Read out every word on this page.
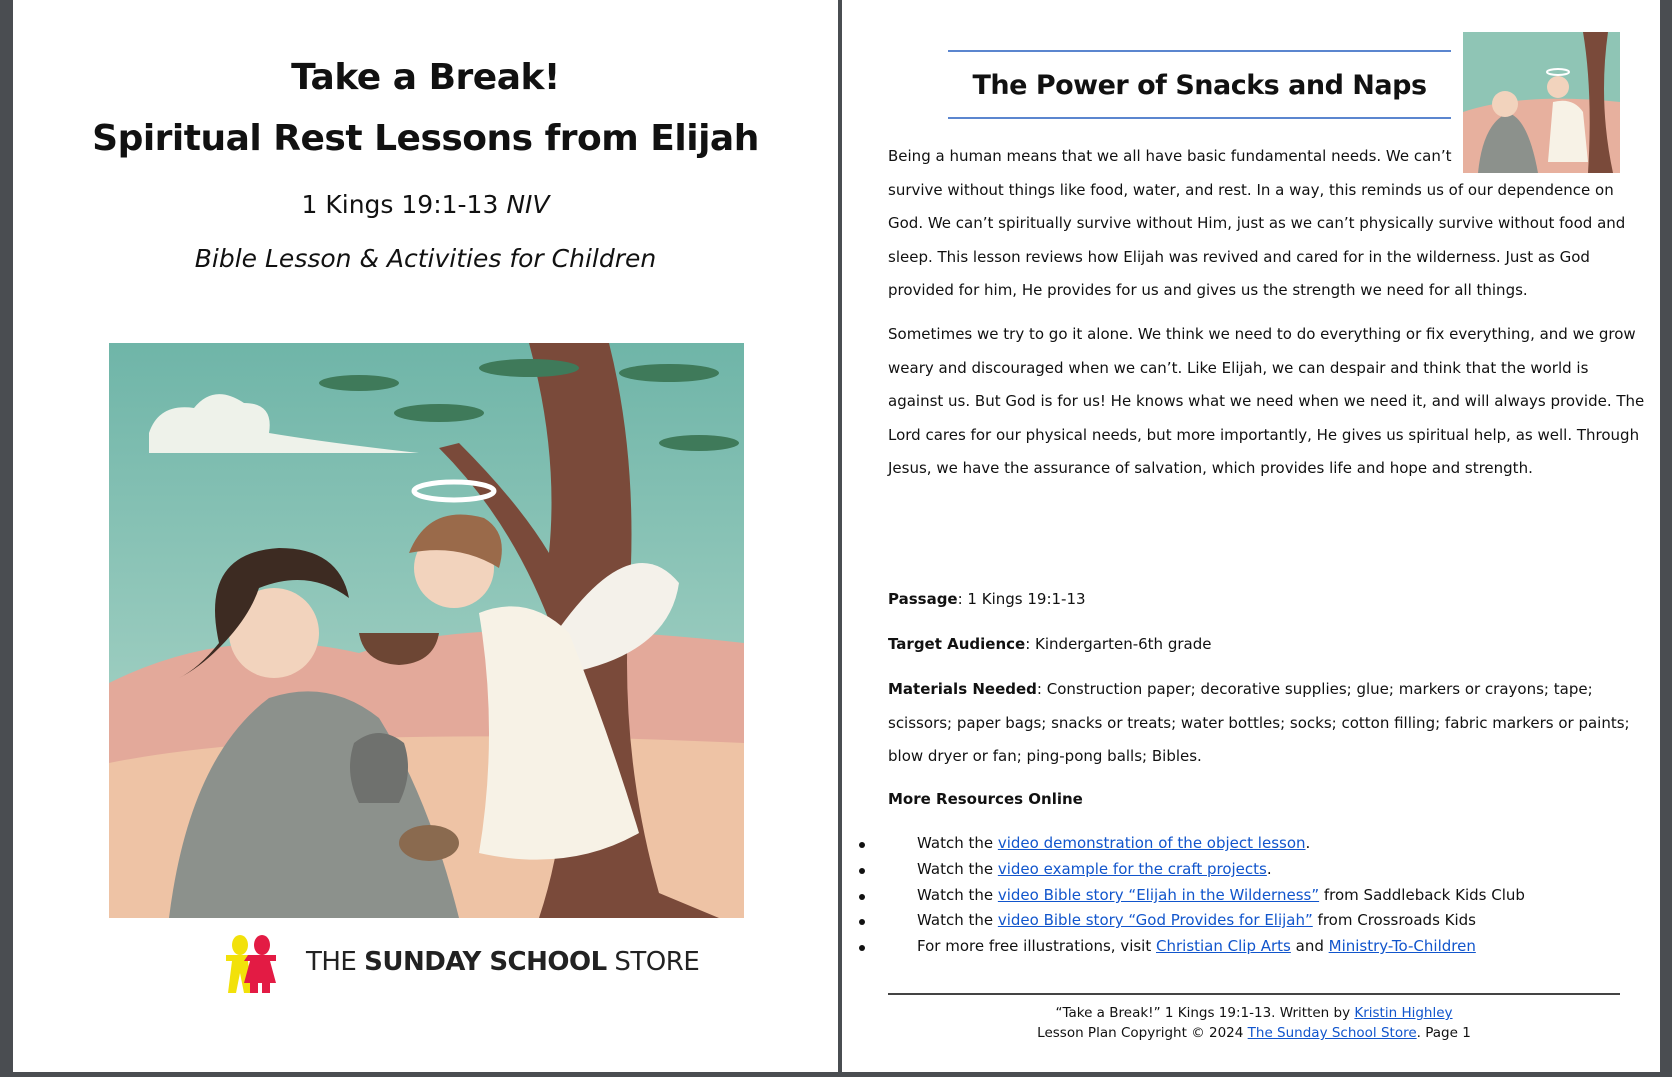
Take a Break!
Spiritual Rest Lessons from Elijah
1 Kings 19:1-13 NIV
Bible Lesson & Activities for Children
THE SUNDAY SCHOOL STORE
The Power of Snacks and Naps
Being a human means that we all have basic fundamental needs. We can’t
survive without things like food, water, and rest. In a way, this reminds us of our dependence on
God. We can’t spiritually survive without Him, just as we can’t physically survive without food and
sleep. This lesson reviews how Elijah was revived and cared for in the wilderness. Just as God
provided for him, He provides for us and gives us the strength we need for all things.
Sometimes we try to go it alone. We think we need to do everything or fix everything, and we grow
weary and discouraged when we can’t. Like Elijah, we can despair and think that the world is
against us. But God is for us! He knows what we need when we need it, and will always provide. The
Lord cares for our physical needs, but more importantly, He gives us spiritual help, as well. Through
Jesus, we have the assurance of salvation, which provides life and hope and strength.
Passage: 1 Kings 19:1-13
Target Audience: Kindergarten-6th grade
Materials Needed: Construction paper; decorative supplies; glue; markers or crayons; tape;
scissors; paper bags; snacks or treats; water bottles; socks; cotton filling; fabric markers or paints;
blow dryer or fan; ping-pong balls; Bibles.
More Resources Online
Watch the video demonstration of the object lesson.
Watch the video example for the craft projects.
Watch the video Bible story “Elijah in the Wilderness” from Saddleback Kids Club
Watch the video Bible story “God Provides for Elijah” from Crossroads Kids
For more free illustrations, visit Christian Clip Arts and Ministry-To-Children
“Take a Break!” 1 Kings 19:1-13. Written by Kristin Highley
Lesson Plan Copyright © 2024 The Sunday School Store. Page 1
